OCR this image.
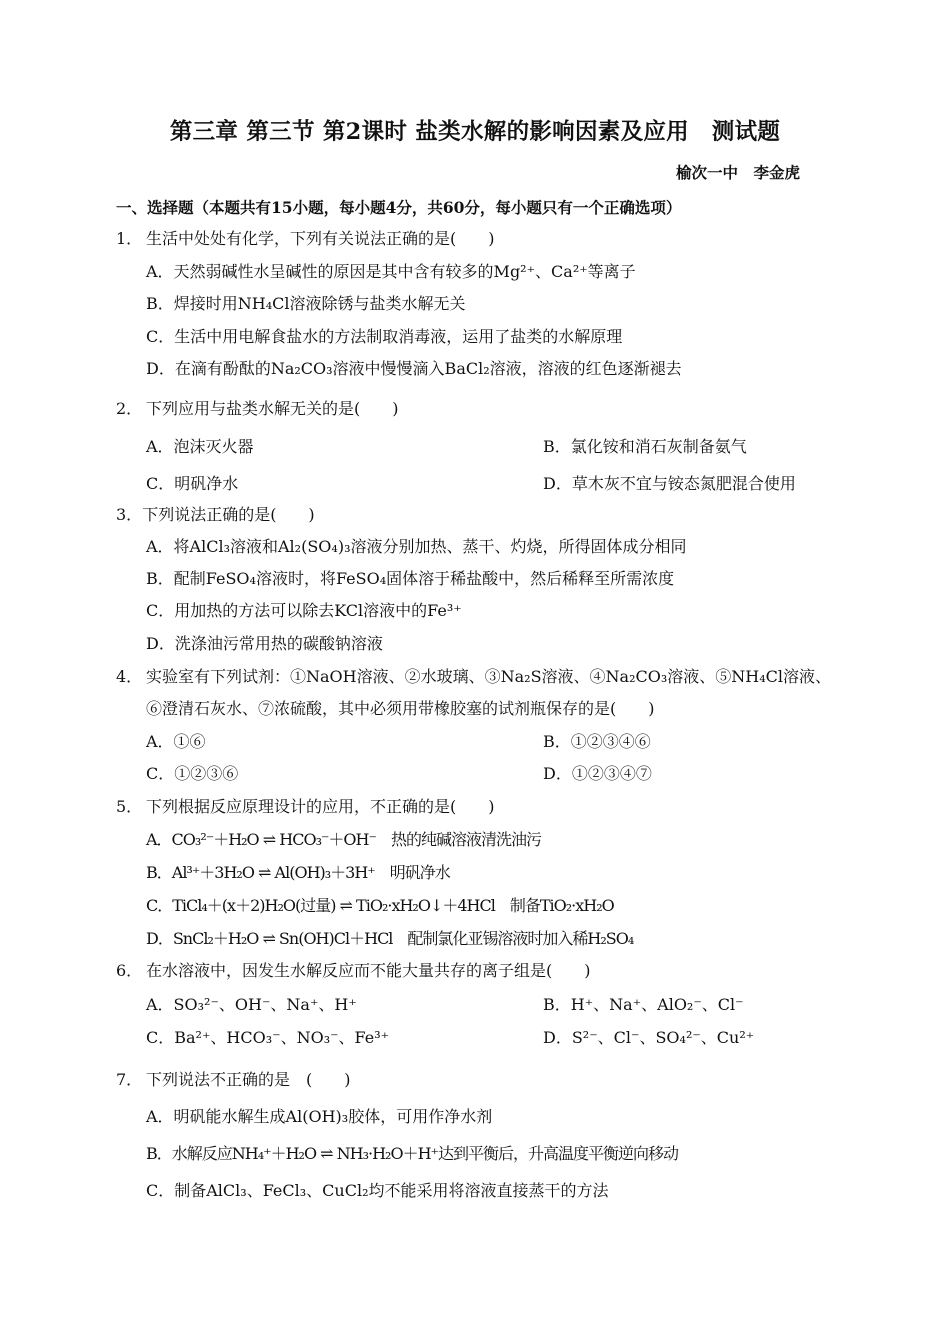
第三章 第三节 第2课时 盐类水解的影响因素及应用　测试题
榆次一中　李金虎
一、选择题（本题共有15小题，每小题4分，共60分，每小题只有一个正确选项）
1． 生活中处处有化学，下列有关说法正确的是(　　)
A．天然弱碱性水呈碱性的原因是其中含有较多的Mg²⁺、Ca²⁺等离子
B．焊接时用NH₄Cl溶液除锈与盐类水解无关
C．生活中用电解食盐水的方法制取消毒液，运用了盐类的水解原理
D．在滴有酚酞的Na₂CO₃溶液中慢慢滴入BaCl₂溶液，溶液的红色逐渐褪去
2． 下列应用与盐类水解无关的是(　　)
A．泡沫灭火器	B．氯化铵和消石灰制备氨气
C．明矾净水	D．草木灰不宜与铵态氮肥混合使用
3．下列说法正确的是(　　)
A．将AlCl₃溶液和Al₂(SO₄)₃溶液分别加热、蒸干、灼烧，所得固体成分相同
B．配制FeSO₄溶液时，将FeSO₄固体溶于稀盐酸中，然后稀释至所需浓度
C．用加热的方法可以除去KCl溶液中的Fe³⁺
D．洗涤油污常用热的碳酸钠溶液
4． 实验室有下列试剂：①NaOH溶液、②水玻璃、③Na₂S溶液、④Na₂CO₃溶液、⑤NH₄Cl溶液、
⑥澄清石灰水、⑦浓硫酸，其中必须用带橡胶塞的试剂瓶保存的是(　　)
A．①⑥	B．①②③④⑥
C．①②③⑥	D．①②③④⑦
5． 下列根据反应原理设计的应用，不正确的是(　　)
A．CO₃²⁻＋H₂O ⇌ HCO₃⁻＋OH⁻　热的纯碱溶液清洗油污
B．Al³⁺＋3H₂O ⇌ Al(OH)₃＋3H⁺　明矾净水
C．TiCl₄＋(x＋2)H₂O(过量) ⇌ TiO₂·xH₂O↓＋4HCl　制备TiO₂·xH₂O
D．SnCl₂＋H₂O ⇌ Sn(OH)Cl＋HCl　配制氯化亚锡溶液时加入稀H₂SO₄
6． 在水溶液中，因发生水解反应而不能大量共存的离子组是(　　)
A．SO₃²⁻、OH⁻、Na⁺、H⁺	B．H⁺、Na⁺、AlO₂⁻、Cl⁻
C．Ba²⁺、HCO₃⁻、NO₃⁻、Fe³⁺	D．S²⁻、Cl⁻、SO₄²⁻、Cu²⁺
7． 下列说法不正确的是　(　　)
A．明矾能水解生成Al(OH)₃胶体，可用作净水剂
B．水解反应NH₄⁺＋H₂O ⇌ NH₃·H₂O＋H⁺达到平衡后，升高温度平衡逆向移动
C．制备AlCl₃、FeCl₃、CuCl₂均不能采用将溶液直接蒸干的方法
